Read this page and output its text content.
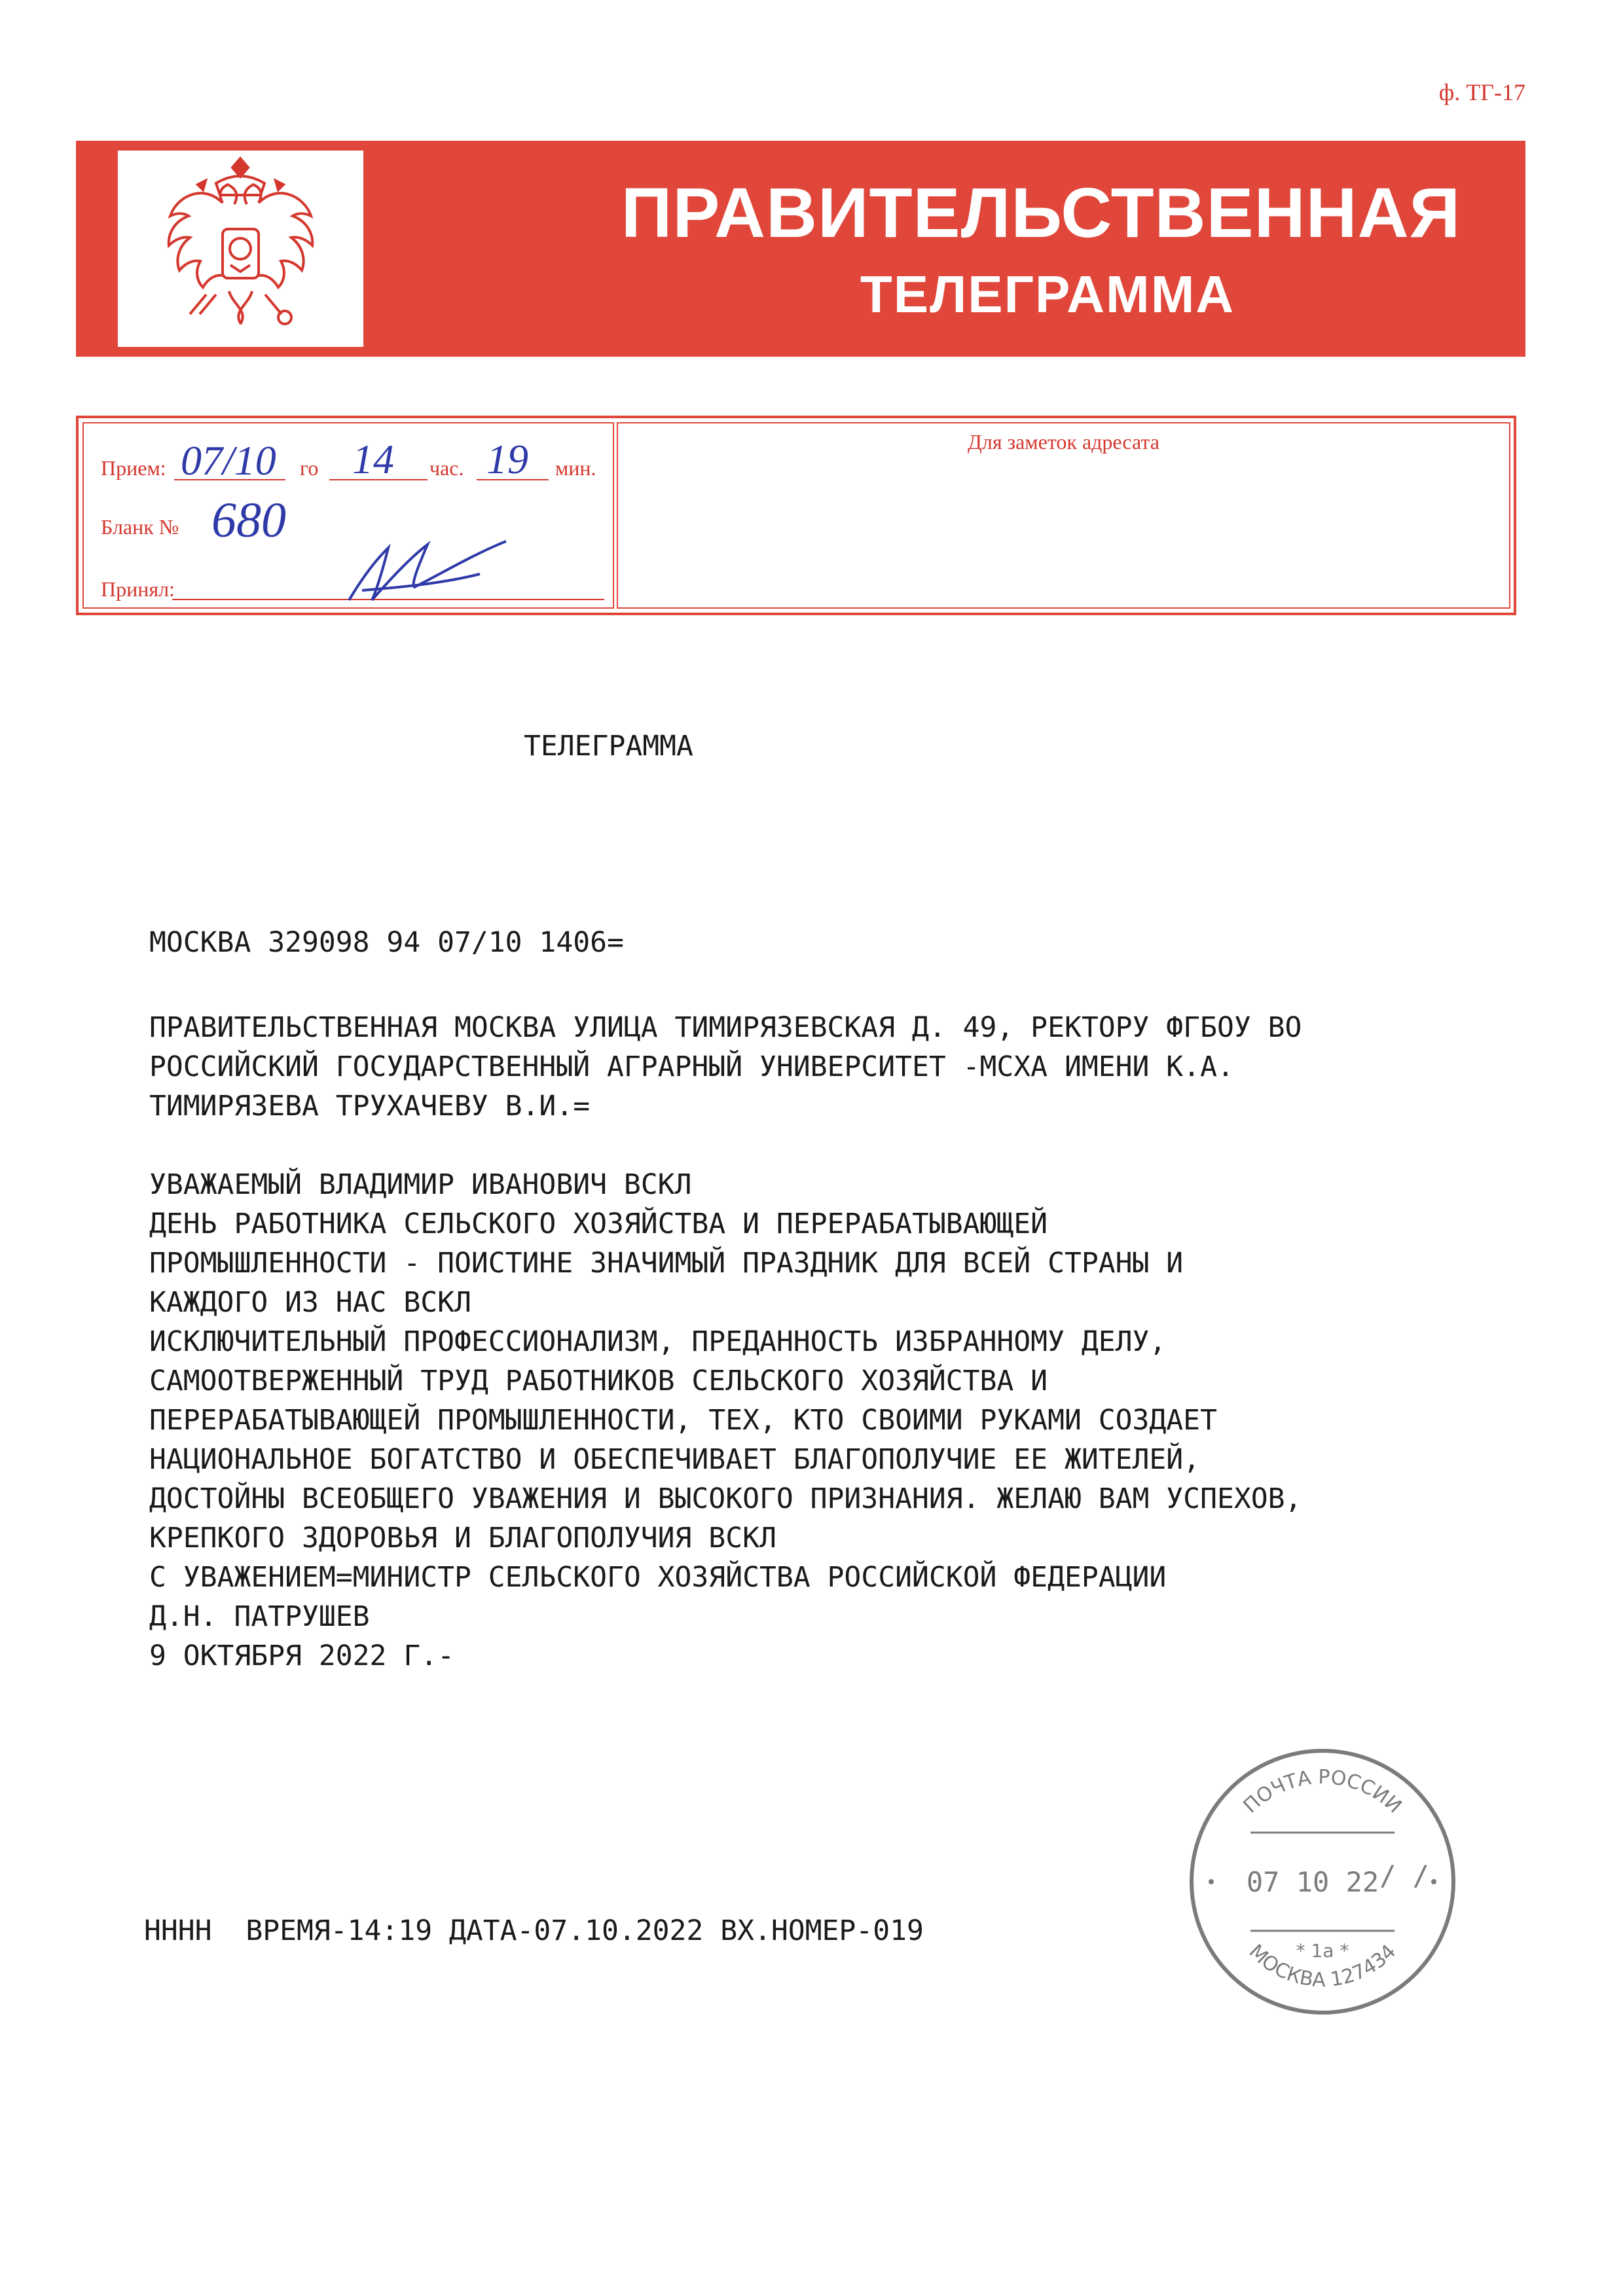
ф. ТГ-17
ПРАВИТЕЛЬСТВЕННАЯ
ТЕЛЕГРАММА
Прием: 07/10 го 14 час. 19 мин.
Бланк № 680
Принял:
Для заметок адресата
ТЕЛЕГРАММА
МОСКВА 329098 94 07/10 1406=
ПРАВИТЕЛЬСТВЕННАЯ МОСКВА УЛИЦА ТИМИРЯЗЕВСКАЯ Д. 49, РЕКТОРУ ФГБОУ ВО
РОССИЙСКИЙ ГОСУДАРСТВЕННЫЙ АГРАРНЫЙ УНИВЕРСИТЕТ -МСХА ИМЕНИ К.А.
ТИМИРЯЗЕВА ТРУХАЧЕВУ В.И.=
УВАЖАЕМЫЙ ВЛАДИМИР ИВАНОВИЧ ВСКЛ
ДЕНЬ РАБОТНИКА СЕЛЬСКОГО ХОЗЯЙСТВА И ПЕРЕРАБАТЫВАЮЩЕЙ
ПРОМЫШЛЕННОСТИ - ПОИСТИНЕ ЗНАЧИМЫЙ ПРАЗДНИК ДЛЯ ВСЕЙ СТРАНЫ И
КАЖДОГО ИЗ НАС ВСКЛ
ИСКЛЮЧИТЕЛЬНЫЙ ПРОФЕССИОНАЛИЗМ, ПРЕДАННОСТЬ ИЗБРАННОМУ ДЕЛУ,
САМООТВЕРЖЕННЫЙ ТРУД РАБОТНИКОВ СЕЛЬСКОГО ХОЗЯЙСТВА И
ПЕРЕРАБАТЫВАЮЩЕЙ ПРОМЫШЛЕННОСТИ, ТЕХ, КТО СВОИМИ РУКАМИ СОЗДАЕТ
НАЦИОНАЛЬНОЕ БОГАТСТВО И ОБЕСПЕЧИВАЕТ БЛАГОПОЛУЧИЕ ЕЕ ЖИТЕЛЕЙ,
ДОСТОЙНЫ ВСЕОБЩЕГО УВАЖЕНИЯ И ВЫСОКОГО ПРИЗНАНИЯ. ЖЕЛАЮ ВАМ УСПЕХОВ,
КРЕПКОГО ЗДОРОВЬЯ И БЛАГОПОЛУЧИЯ ВСКЛ
С УВАЖЕНИЕМ=МИНИСТР СЕЛЬСКОГО ХОЗЯЙСТВА РОССИЙСКОЙ ФЕДЕРАЦИИ
Д.Н. ПАТРУШЕВ
9 ОКТЯБРЯ 2022 Г.-
НННН  ВРЕМЯ-14:19 ДАТА-07.10.2022 ВХ.НОМЕР-019
ПОЧТА РОССИИ
МОСКВА 127434
07 10 22 / /
* 1а *
